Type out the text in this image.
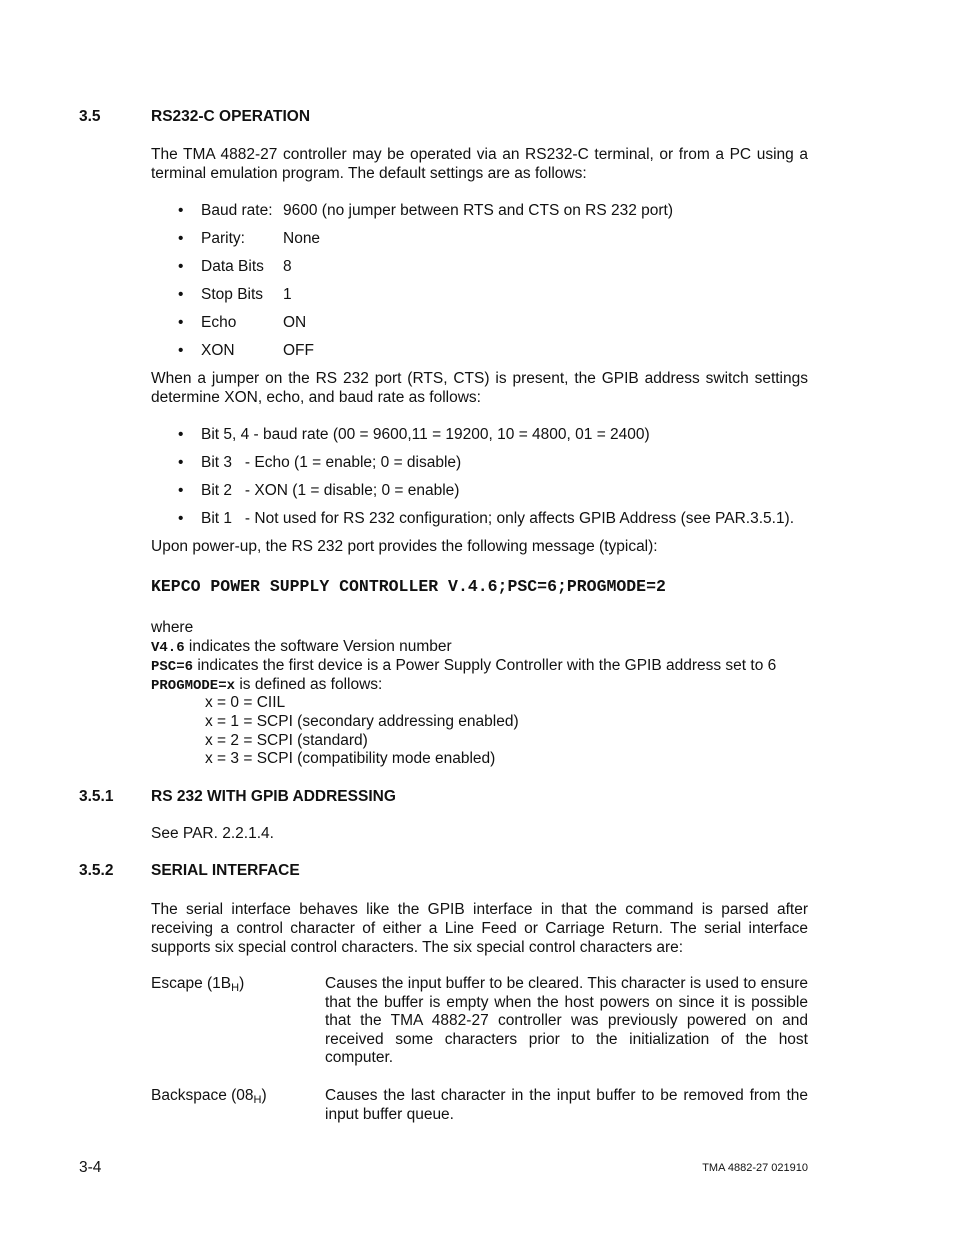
3.5	RS232-C OPERATION
The TMA 4882-27 controller may be operated via an RS232-C terminal, or from a PC using a terminal emulation program. The default settings are as follows:
• Baud rate: 9600 (no jumper between RTS and CTS on RS 232 port)
• Parity: None
• Data Bits 8
• Stop Bits 1
• Echo	ON
• XON	OFF
When a jumper on the RS 232 port (RTS, CTS) is present, the GPIB address switch settings determine XON, echo, and baud rate as follows:
• Bit 5, 4 - baud rate (00 = 9600,11 = 19200, 10 = 4800, 01 = 2400)
• Bit 3   - Echo (1 = enable; 0 = disable)
• Bit 2   - XON (1 = disable; 0 = enable)
• Bit 1   - Not used for RS 232 configuration; only affects GPIB Address (see PAR.3.5.1).
Upon power-up, the RS 232 port provides the following message (typical):
KEPCO POWER SUPPLY CONTROLLER V.4.6;PSC=6;PROGMODE=2
where
V4.6 indicates the software Version number
PSC=6 indicates the first device is a Power Supply Controller with the GPIB address set to 6
PROGMODE=x is defined as follows:
x = 0 = CIIL
x = 1 = SCPI (secondary addressing enabled)
x = 2 = SCPI (standard)
x = 3 = SCPI (compatibility mode enabled)
3.5.1 RS 232 WITH GPIB ADDRESSING
See PAR. 2.2.1.4.
3.5.2 SERIAL INTERFACE
The serial interface behaves like the GPIB interface in that the command is parsed after receiving a control character of either a Line Feed or Carriage Return. The serial interface supports six special control characters. The six special control characters are:
Escape $(1B_H)$	Causes the input buffer to be cleared. This character is used to ensure that the buffer is empty when the host powers on since it is possible that the TMA 4882-27 controller was previously powered on and received some characters prior to the initialization of the host computer.
Backspace $(08_H)$	Causes the last character in the input buffer to be removed from the input buffer queue.
3-4	TMA 4882-27 021910
